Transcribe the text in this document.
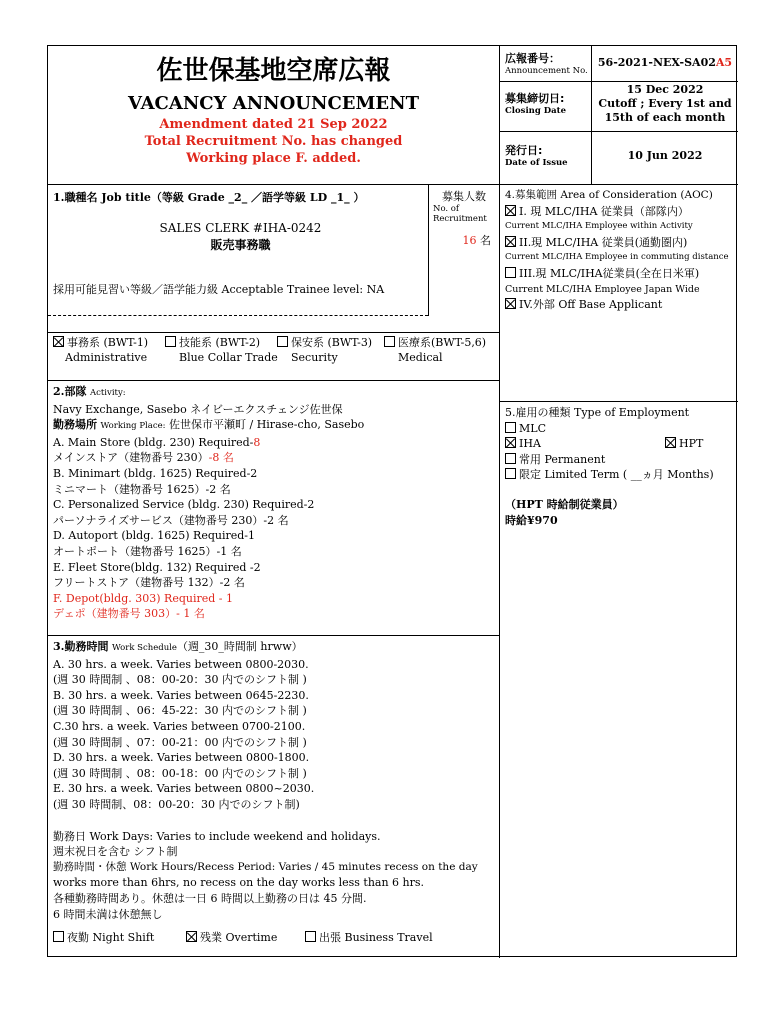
佐世保基地空席広報
VACANCY ANNOUNCEMENT
Amendment dated 21 Sep 2022
Total Recruitment No. has changed
Working place F. added.
広報番号：
Announcement No.
56-2021-NEX-SA02A5
募集締切日:
Closing Date
15 Dec 2022
Cutoff ; Every 1st and
15th of each month
発行日:
Date of Issue
10 Jun 2022
1.職種名 Job title（等級 Grade _2_ ／語学等級 LD _1_ ）
SALES CLERK #IHA-0242
販売事務職
採用可能見習い等級／語学能力級 Acceptable Trainee level: NA
募集人数
No. of
Recruitment
16 名
4.募集範囲 Area of Consideration (AOC)
I. 現 MLC/IHA 従業員（部隊内）
Current MLC/IHA Employee within Activity
II.現 MLC/IHA 従業員(通勤圏内)
Current MLC/IHA Employee in commuting distance
III.現 MLC/IHA従業員(全在日米軍)
Current MLC/IHA Employee Japan Wide
IV.外部 Off Base Applicant
事務系 (BWT-1)
Administrative
技能系 (BWT-2)
Blue Collar Trade
保安系 (BWT-3)
Security
医療系(BWT-5,6)
Medical
2.部隊 Activity:
Navy Exchange, Sasebo ネイビーエクスチェンジ佐世保
勤務場所 Working Place: 佐世保市平瀬町 / Hirase-cho, Sasebo
A. Main Store (bldg. 230) Required-8
メインストア（建物番号 230）-8 名
B. Minimart (bldg. 1625) Required-2
ミニマート（建物番号 1625）-2 名
C. Personalized Service (bldg. 230) Required-2
パーソナライズサービス（建物番号 230）-2 名
D. Autoport (bldg. 1625) Required-1
オートポート（建物番号 1625）-1 名
E. Fleet Store(bldg. 132) Required -2
フリートストア（建物番号 132）-2 名
F. Depot(bldg. 303) Required - 1
デェポ（建物番号 303）- 1 名
5.雇用の種類 Type of Employment
MLC
IHA	HPT
常用 Permanent
限定 Limited Term ( __ヵ月 Months)
（HPT 時給制従業員）
時給¥970
3.勤務時間 Work Schedule（週_30_時間制 hrww）
A. 30 hrs. a week. Varies between 0800-2030.
(週 30 時間制 、08：00-20：30 内でのシフト制 )
B. 30 hrs. a week. Varies between 0645-2230.
(週 30 時間制 、06：45-22：30 内でのシフト制 )
C.30 hrs. a week. Varies between 0700-2100.
(週 30 時間制 、07：00-21：00 内でのシフト制 )
D. 30 hrs. a week. Varies between 0800-1800.
(週 30 時間制 、08：00-18：00 内でのシフト制 )
E. 30 hrs. a week. Varies between 0800~2030.
(週 30 時間制、08：00-20：30 内でのシフト制)
勤務日 Work Days: Varies to include weekend and holidays.
週末祝日を含む シフト制
勤務時間・休憩 Work Hours/Recess Period: Varies / 45 minutes recess on the day
works more than 6hrs, no recess on the day works less than 6 hrs.
各種勤務時間あり。休憩は一日 6 時間以上勤務の日は 45 分間.
6 時間未満は休憩無し
夜勤 Night Shift	残業 Overtime	出張 Business Travel
